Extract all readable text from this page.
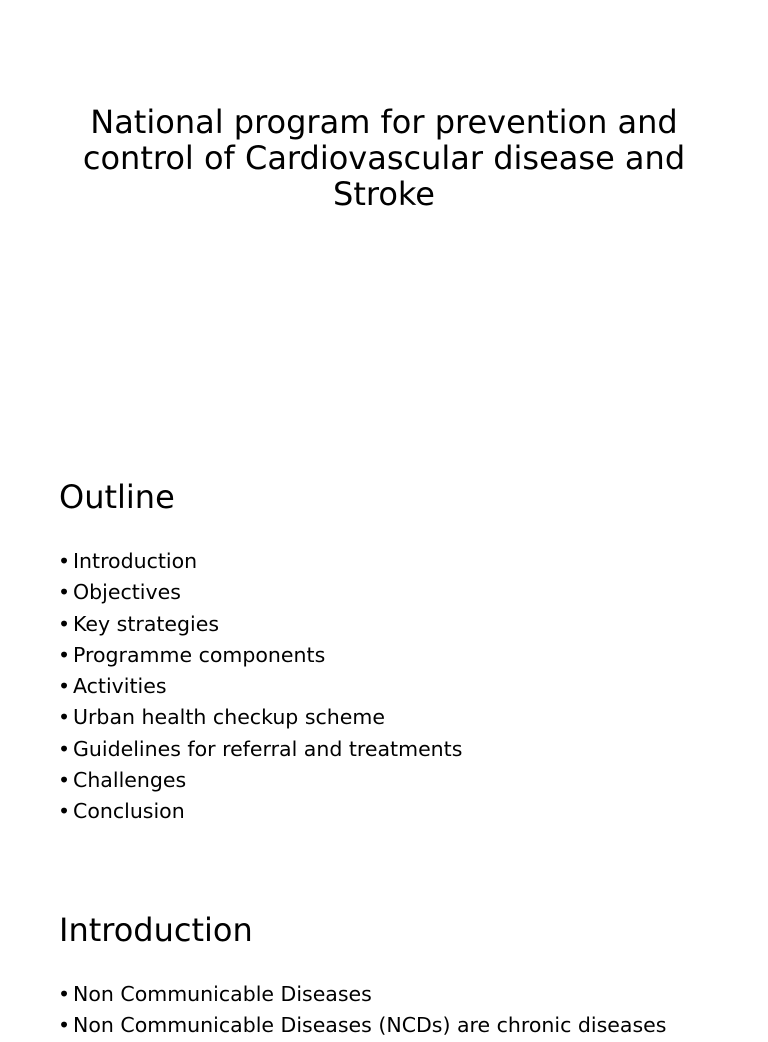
National program for prevention and control of Cardiovascular disease and Stroke
Outline
• Introduction
• Objectives
• Key strategies
• Programme components
• Activities
• Urban health checkup scheme
• Guidelines for referral and treatments
• Challenges
• Conclusion
Introduction
• Non Communicable Diseases
• Non Communicable Diseases (NCDs) are chronic diseases
